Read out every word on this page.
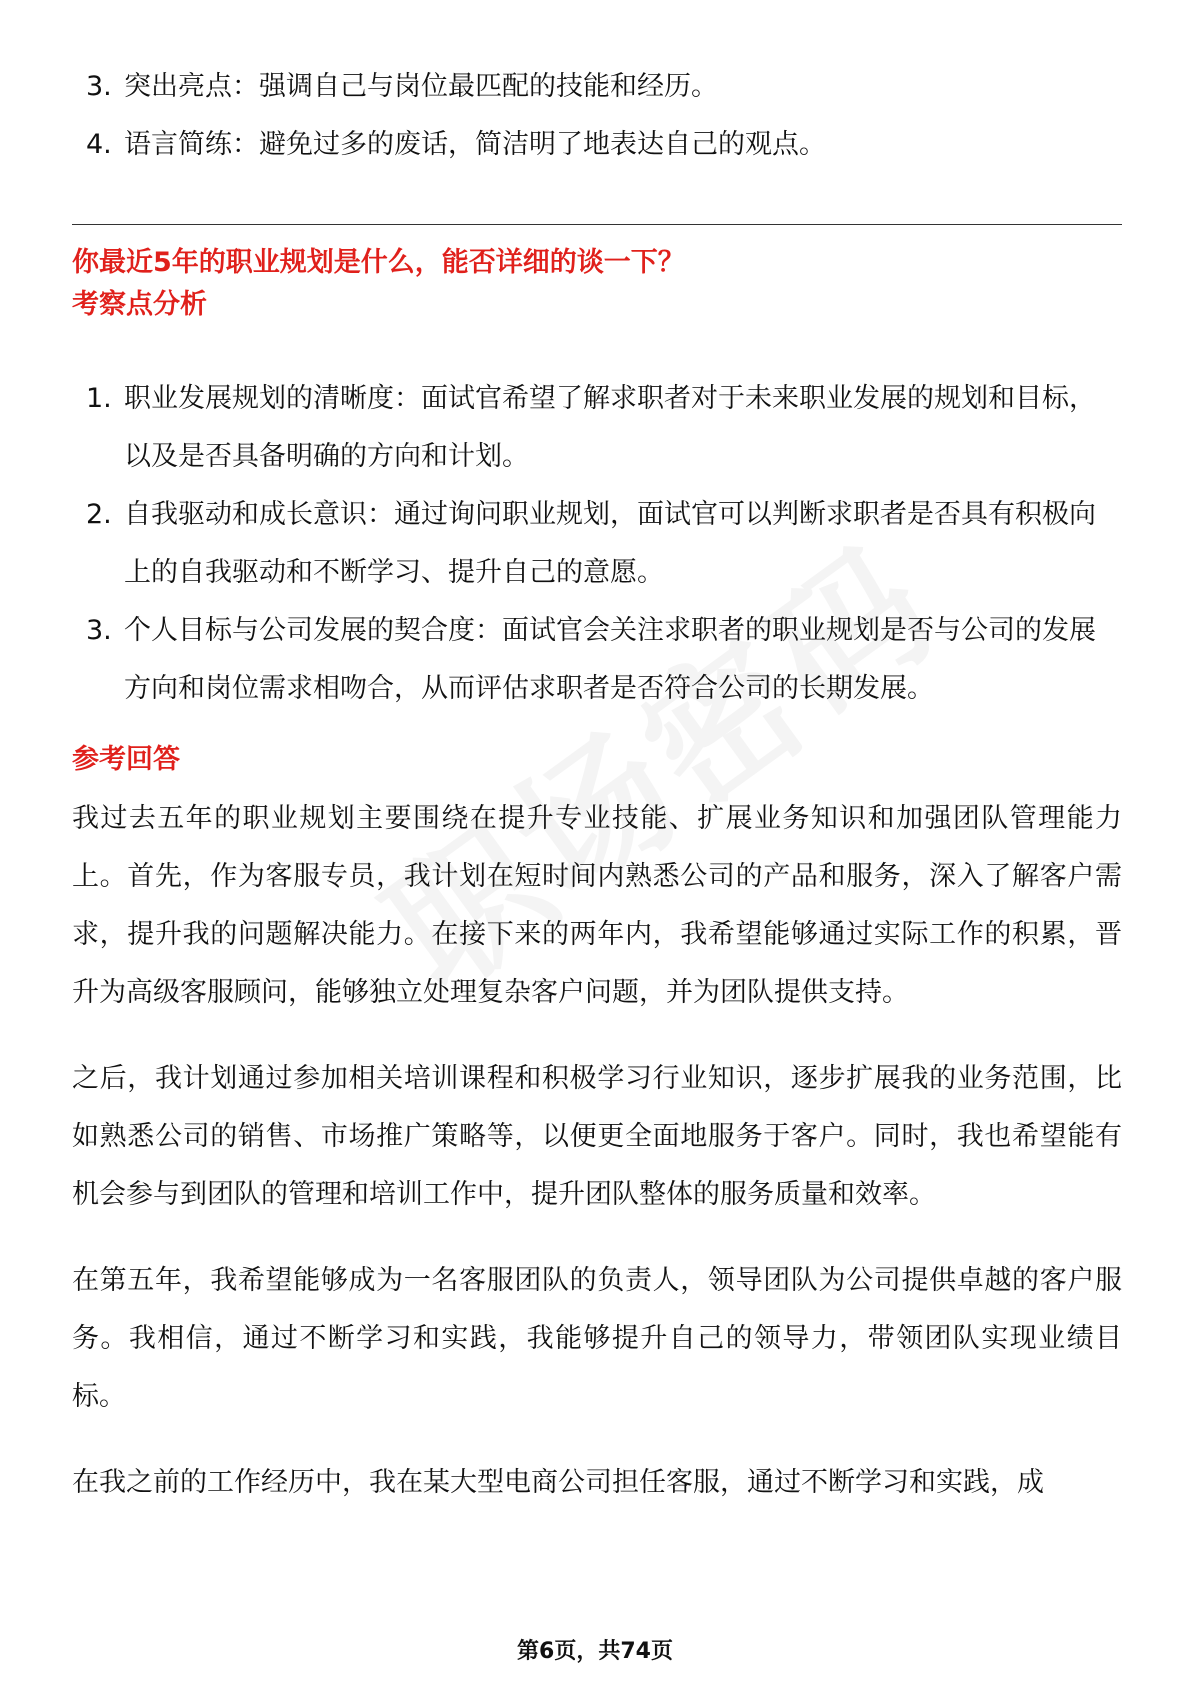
3. 突出亮点：强调自己与岗位最匹配的技能和经历。
4. 语言简练：避免过多的废话，简洁明了地表达自己的观点。
你最近5年的职业规划是什么，能否详细的谈一下？
考察点分析
1. 职业发展规划的清晰度：面试官希望了解求职者对于未来职业发展的规划和目标，以及是否具备明确的方向和计划。
2. 自我驱动和成长意识：通过询问职业规划，面试官可以判断求职者是否具有积极向上的自我驱动和不断学习、提升自己的意愿。
3. 个人目标与公司发展的契合度：面试官会关注求职者的职业规划是否与公司的发展方向和岗位需求相吻合，从而评估求职者是否符合公司的长期发展。
参考回答

我过去五年的职业规划主要围绕在提升专业技能、扩展业务知识和加强团队管理能力上。首先，作为客服专员，我计划在短时间内熟悉公司的产品和服务，深入了解客户需求，提升我的问题解决能力。在接下来的两年内，我希望能够通过实际工作的积累，晋升为高级客服顾问，能够独立处理复杂客户问题，并为团队提供支持。

之后，我计划通过参加相关培训课程和积极学习行业知识，逐步扩展我的业务范围，比如熟悉公司的销售、市场推广策略等，以便更全面地服务于客户。同时，我也希望能有机会参与到团队的管理和培训工作中，提升团队整体的服务质量和效率。

在第五年，我希望能够成为一名客服团队的负责人，领导团队为公司提供卓越的客户服务。我相信，通过不断学习和实践，我能够提升自己的领导力，带领团队实现业绩目标。

在我之前的工作经历中，我在某大型电商公司担任客服，通过不断学习和实践，成

第6页，共74页
